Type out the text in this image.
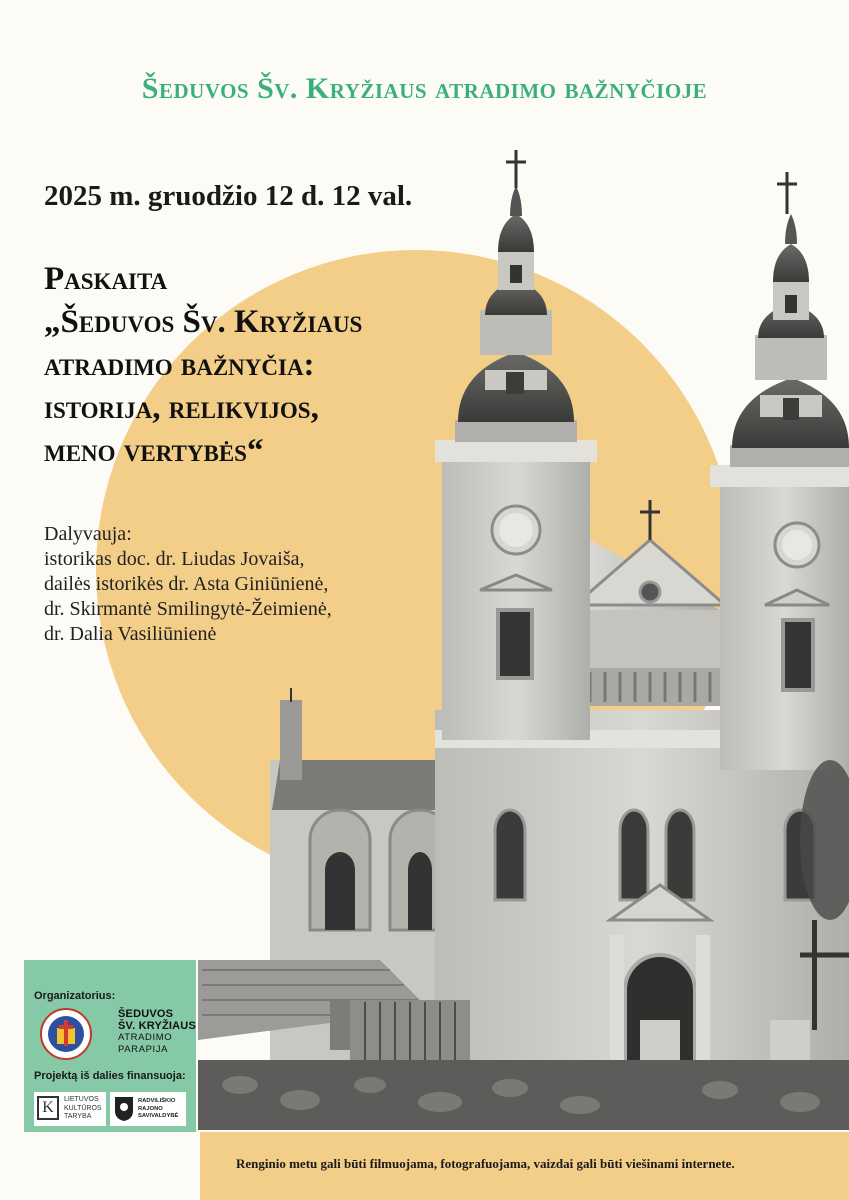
Šeduvos Šv. Kryžiaus atradimo bažnyčioje
2025 m. gruodžio 12 d. 12 val.
Paskaita
„Šeduvos Šv. Kryžiaus
atradimo bažnyčia:
istorija, relikvijos,
meno vertybės“
Dalyvauja:
istorikas doc. dr. Liudas Jovaiša,
dailės istorikės dr. Asta Giniūnienė,
dr. Skirmantė Smilingytė-Žeimienė,
dr. Dalia Vasiliūnienė
Organizatorius:
ŠEDUVOS
ŠV. KRYŽIAUS
ATRADIMO
PARAPIJA
Projektą iš dalies finansuoja:
K	LIETUVOS
KULTŪROS
TARYBA
RADVILIŠKIO
RAJONO
SAVIVALDYBĖ
Renginio metu gali būti filmuojama, fotografuojama, vaizdai gali būti viešinami internete.
